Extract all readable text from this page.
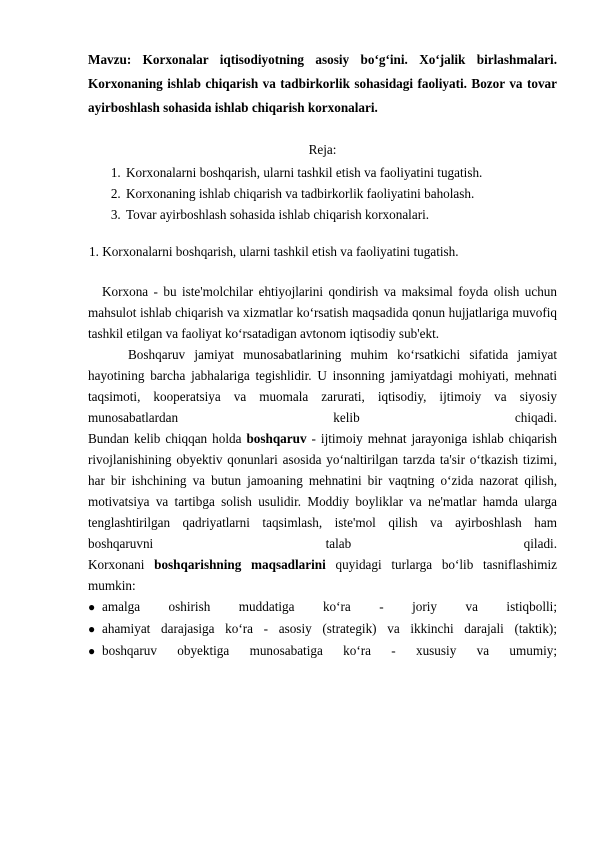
Mavzu: Korxonalar iqtisodiyotning asosiy bo‘g‘ini. Xo‘jalik birlashmalari. Korxonaning ishlab chiqarish va tadbirkorlik sohasidagi faoliyati. Bozor va tovar ayirboshlash sohasida ishlab chiqarish korxonalari.

Reja:
1. Korxonalarni boshqarish, ularni tashkil etish va faoliyatini tugatish.
2. Korxonaning ishlab chiqarish va tadbirkorlik faoliyatini baholash.
3. Tovar ayirboshlash sohasida ishlab chiqarish korxonalari.
1. Korxonalarni boshqarish, ularni tashkil etish va faoliyatini tugatish.

Korxona - bu iste'molchilar ehtiyojlarini qondirish va maksimal foyda olish uchun mahsulot ishlab chiqarish va xizmatlar ko‘rsatish maqsadida qonun hujjatlariga muvofiq tashkil etilgan va faoliyat ko‘rsatadigan avtonom iqtisodiy sub'ekt.

Boshqaruv jamiyat munosabatlarining muhim ko‘rsatkichi sifatida jamiyat hayotining barcha jabhalariga tegishlidir. U insonning jamiyatdagi mohiyati, mehnati taqsimoti, kooperatsiya va muomala zarurati, iqtisodiy, ijtimoiy va siyosiy munosabatlardan kelib chiqadi.

Bundan kelib chiqqan holda boshqaruv - ijtimoiy mehnat jarayoniga ishlab chiqarish rivojlanishining obyektiv qonunlari asosida yo‘naltirilgan tarzda ta'sir o‘tkazish tizimi, har bir ishchining va butun jamoaning mehnatini bir vaqtning o‘zida nazorat qilish, motivatsiya va tartibga solish usulidir. Moddiy boyliklar va ne'matlar hamda ularga tenglashtirilgan qadriyatlarni taqsimlash, iste'mol qilish va ayirboshlash ham boshqaruvni talab qiladi.

Korxonani boshqarishning maqsadlarini quyidagi turlarga bo‘lib tasniflashimiz mumkin:

● amalga oshirish muddatiga ko‘ra - joriy va istiqbolli;
● ahamiyat darajasiga ko‘ra - asosiy (strategik) va ikkinchi darajali (taktik);
● boshqaruv obyektiga munosabatiga ko‘ra - xususiy va umumiy;
